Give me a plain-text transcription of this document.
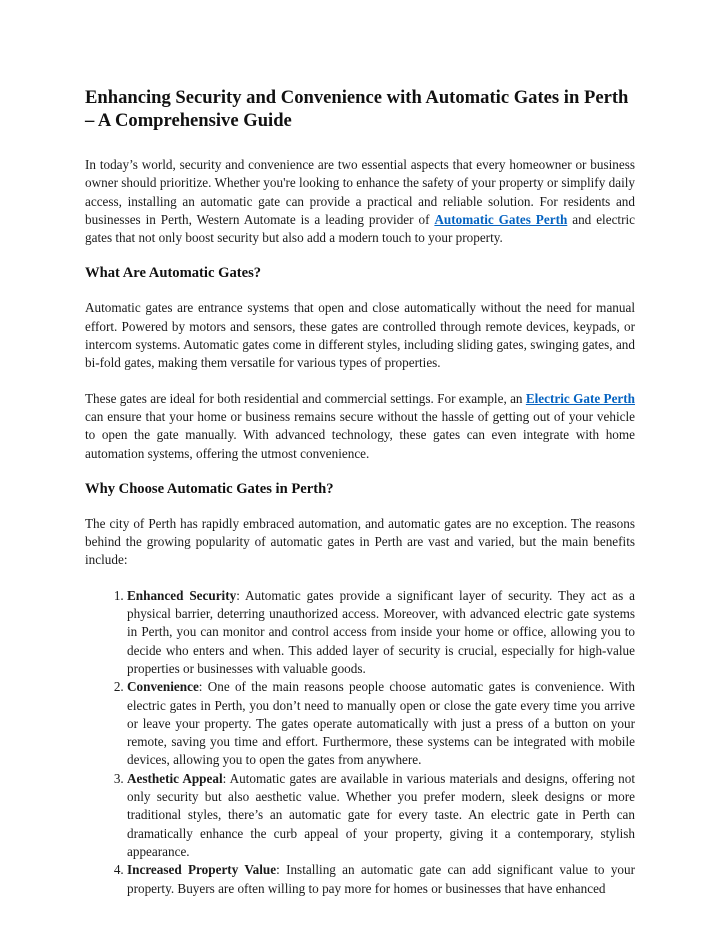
Enhancing Security and Convenience with Automatic Gates in Perth – A Comprehensive Guide

In today’s world, security and convenience are two essential aspects that every homeowner or business owner should prioritize. Whether you're looking to enhance the safety of your property or simplify daily access, installing an automatic gate can provide a practical and reliable solution. For residents and businesses in Perth, Western Automate is a leading provider of Automatic Gates Perth and electric gates that not only boost security but also add a modern touch to your property.

What Are Automatic Gates?

Automatic gates are entrance systems that open and close automatically without the need for manual effort. Powered by motors and sensors, these gates are controlled through remote devices, keypads, or intercom systems. Automatic gates come in different styles, including sliding gates, swinging gates, and bi-fold gates, making them versatile for various types of properties.

These gates are ideal for both residential and commercial settings. For example, an Electric Gate Perth can ensure that your home or business remains secure without the hassle of getting out of your vehicle to open the gate manually. With advanced technology, these gates can even integrate with home automation systems, offering the utmost convenience.

Why Choose Automatic Gates in Perth?

The city of Perth has rapidly embraced automation, and automatic gates are no exception. The reasons behind the growing popularity of automatic gates in Perth are vast and varied, but the main benefits include:

1. Enhanced Security: Automatic gates provide a significant layer of security. They act as a physical barrier, deterring unauthorized access. Moreover, with advanced electric gate systems in Perth, you can monitor and control access from inside your home or office, allowing you to decide who enters and when. This added layer of security is crucial, especially for high-value properties or businesses with valuable goods.
2. Convenience: One of the main reasons people choose automatic gates is convenience. With electric gates in Perth, you don’t need to manually open or close the gate every time you arrive or leave your property. The gates operate automatically with just a press of a button on your remote, saving you time and effort. Furthermore, these systems can be integrated with mobile devices, allowing you to open the gates from anywhere.
3. Aesthetic Appeal: Automatic gates are available in various materials and designs, offering not only security but also aesthetic value. Whether you prefer modern, sleek designs or more traditional styles, there’s an automatic gate for every taste. An electric gate in Perth can dramatically enhance the curb appeal of your property, giving it a contemporary, stylish appearance.
4. Increased Property Value: Installing an automatic gate can add significant value to your property. Buyers are often willing to pay more for homes or businesses that have enhanced
